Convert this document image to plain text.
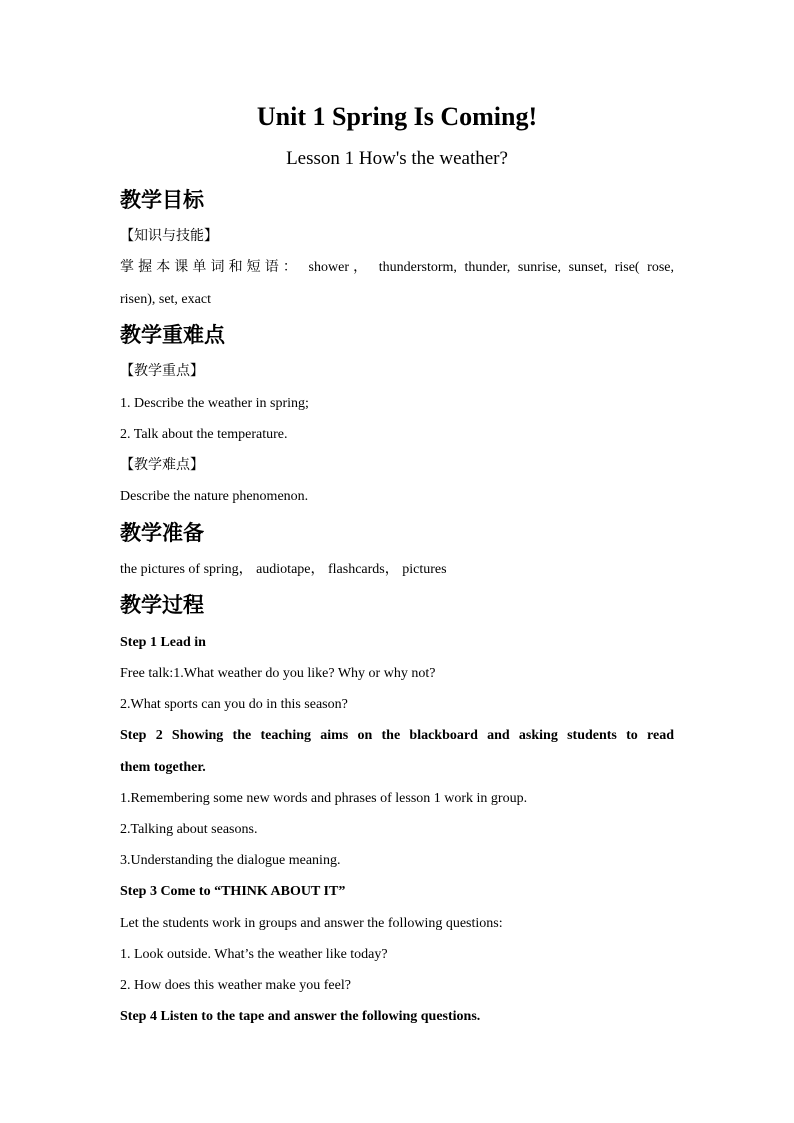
Unit 1 Spring Is Coming!
Lesson 1 How's the weather?
教学目标
【知识与技能】
掌握本课单词和短语： shower， thunderstorm, thunder, sunrise, sunset, rise( rose,
risen), set, exact
教学重难点
【教学重点】
1. Describe the weather in spring;
2. Talk about the temperature.
【教学难点】
Describe the nature phenomenon.
教学准备
the pictures of spring， audiotape， flashcards， pictures
教学过程
Step 1 Lead in
Free talk:1.What weather do you like? Why or why not?
2.What sports can you do in this season?
Step 2 Showing the teaching aims on the blackboard and asking students to read
them together.
1.Remembering some new words and phrases of lesson 1 work in group.
2.Talking about seasons.
3.Understanding the dialogue meaning.
Step 3 Come to “THINK ABOUT IT”
Let the students work in groups and answer the following questions:
1. Look outside. What’s the weather like today?
2. How does this weather make you feel?
Step 4 Listen to the tape and answer the following questions.
